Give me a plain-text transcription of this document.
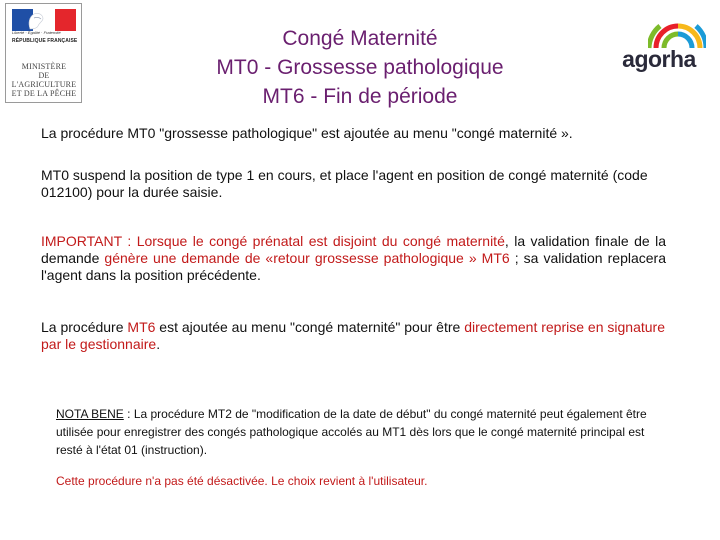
Liberté · Égalité · Fraternité
RÉPUBLIQUE FRANÇAISE
MINISTÈRE
DE L'AGRICULTURE
ET DE LA PÊCHE
Congé Maternité
MT0 - Grossesse pathologique
MT6 - Fin de période
agorha
La procédure MT0 "grossesse pathologique" est ajoutée au menu "congé maternité ».
MT0 suspend la position de type 1 en cours, et place l'agent en position de congé maternité (code 012100) pour la durée saisie.
IMPORTANT : Lorsque le congé prénatal est disjoint du congé maternité, la validation finale de la demande génère une demande de «retour grossesse pathologique » MT6 ; sa validation replacera l'agent dans la position précédente.
La procédure MT6 est ajoutée au menu "congé maternité" pour être directement reprise en signature par le gestionnaire.
NOTA BENE : La procédure MT2 de "modification de la date de début" du congé maternité peut également être utilisée pour enregistrer des congés pathologique accolés au MT1 dès lors que le congé maternité principal est resté à l'état 01 (instruction).
Cette procédure n'a pas été désactivée. Le choix revient à l'utilisateur.
